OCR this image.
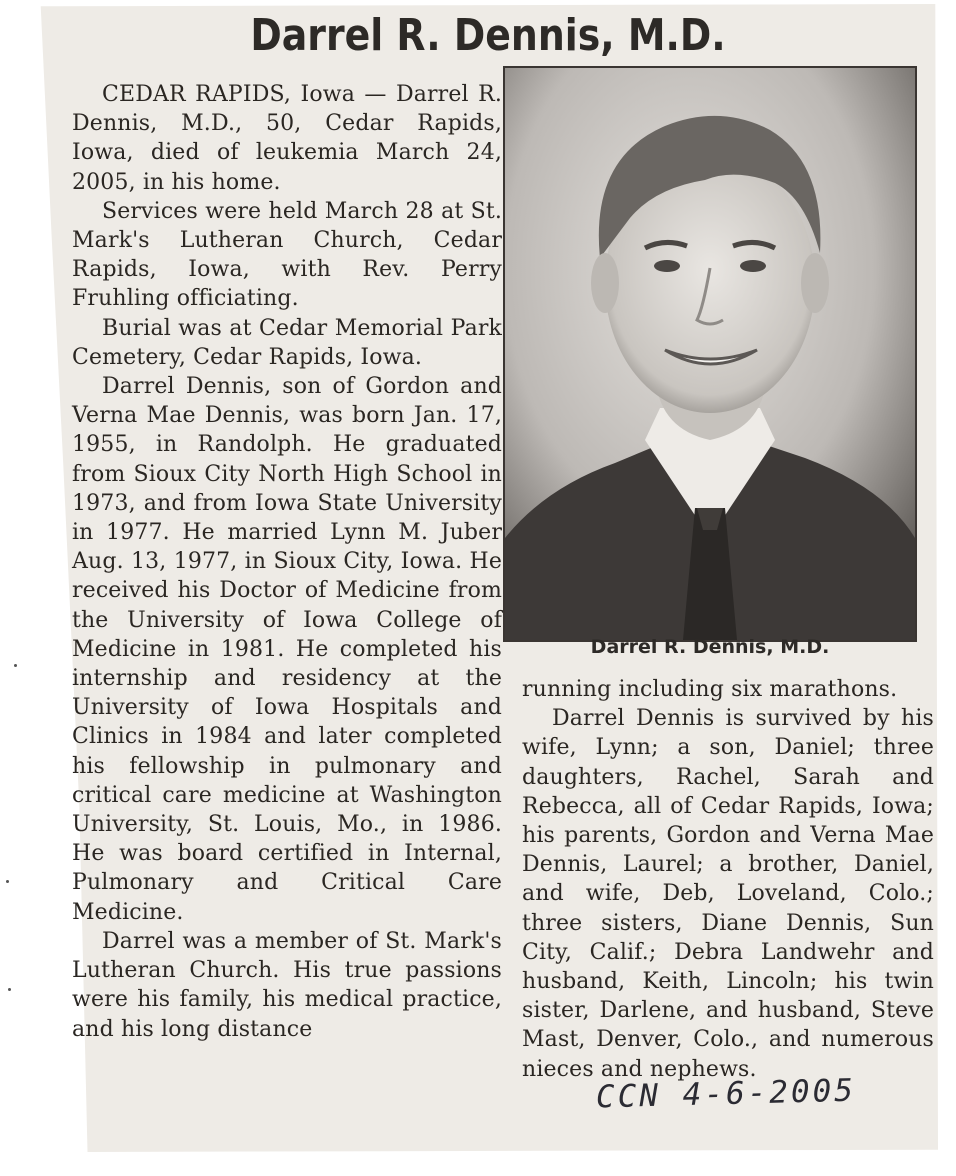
Darrel R. Dennis, M.D.

CEDAR RAPIDS, Iowa — Darrel R. Dennis, M.D., 50, Cedar Rapids, Iowa, died of leukemia March 24, 2005, in his home.

Services were held March 28 at St. Mark's Lutheran Church, Cedar Rapids, Iowa, with Rev. Perry Fruhling officiating.

Burial was at Cedar Memorial Park Cemetery, Cedar Rapids, Iowa.

Darrel Dennis, son of Gordon and Verna Mae Dennis, was born Jan. 17, 1955, in Randolph. He graduated from Sioux City North High School in 1973, and from Iowa State University in 1977. He married Lynn M. Juber Aug. 13, 1977, in Sioux City, Iowa. He received his Doctor of Medicine from the University of Iowa College of Medicine in 1981. He completed his internship and residency at the University of Iowa Hospitals and Clinics in 1984 and later completed his fellowship in pulmonary and critical care medicine at Washington University, St. Louis, Mo., in 1986. He was board certified in Internal, Pulmonary and Critical Care Medicine.

Darrel was a member of St. Mark's Lutheran Church. His true passions were his family, his medical practice, and his long distance

Darrel R. Dennis, M.D.

running including six marathons.

Darrel Dennis is survived by his wife, Lynn; a son, Daniel; three daughters, Rachel, Sarah and Rebecca, all of Cedar Rapids, Iowa; his parents, Gordon and Verna Mae Dennis, Laurel; a brother, Daniel, and wife, Deb, Loveland, Colo.; three sisters, Diane Dennis, Sun City, Calif.; Debra Landwehr and husband, Keith, Lincoln; his twin sister, Darlene, and husband, Steve Mast, Denver, Colo., and numerous nieces and nephews.

CCN 4-6-2005
